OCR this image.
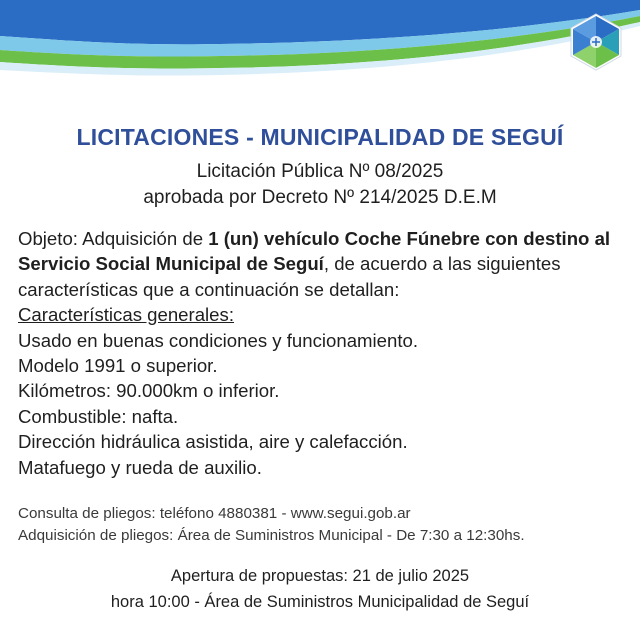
LICITACIONES - MUNICIPALIDAD DE SEGUÍ
Licitación Pública Nº 08/2025
aprobada por Decreto Nº 214/2025 D.E.M

Objeto: Adquisición de 1 (un) vehículo Coche Fúnebre con destino al Servicio Social Municipal de Seguí, de acuerdo a las siguientes características que a continuación se detallan:

Características generales:

Usado en buenas condiciones y funcionamiento.

Modelo 1991 o superior.

Kilómetros: 90.000km o inferior.

Combustible: nafta.

Dirección hidráulica asistida, aire y calefacción.

Matafuego y rueda de auxilio.

Consulta de pliegos: teléfono 4880381 - www.segui.gob.ar
Adquisición de pliegos: Área de Suministros Municipal - De 7:30 a 12:30hs.
Apertura de propuestas: 21 de julio 2025
hora 10:00 - Área de Suministros Municipalidad de Seguí
